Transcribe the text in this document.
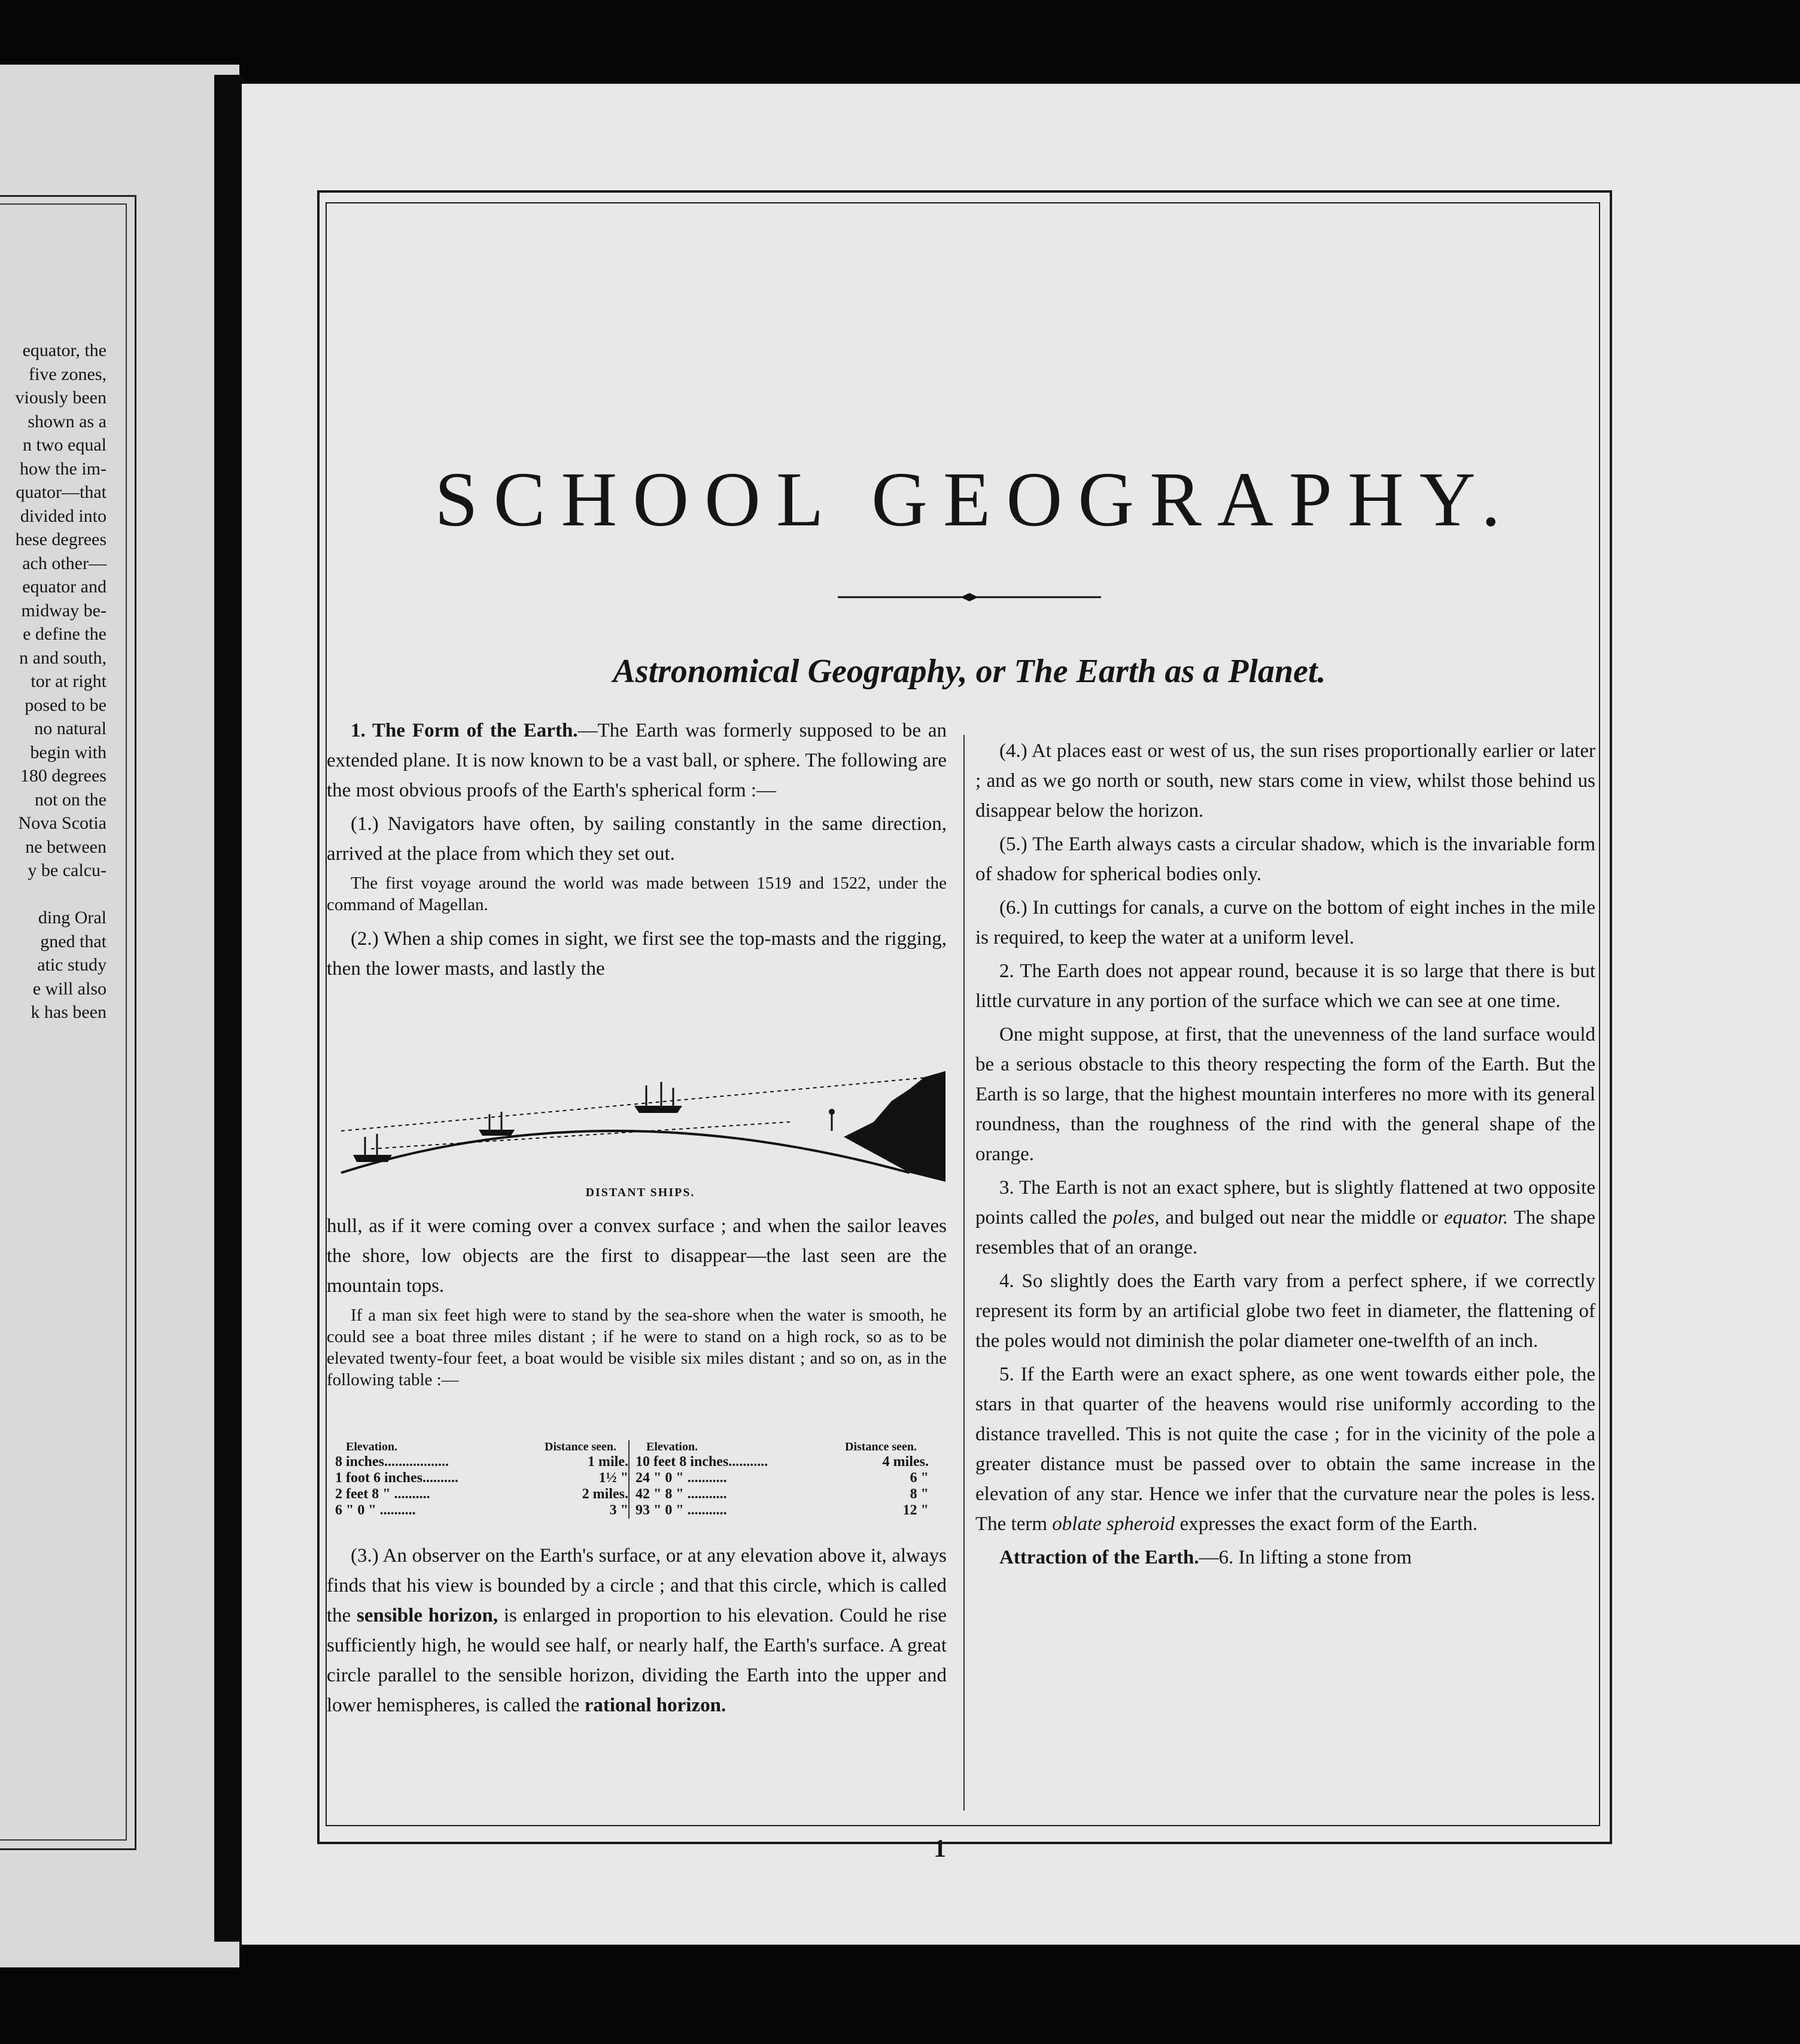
equator, the
five zones,
viously been
shown as a
n two equal
how the im-
quator—that
divided into
hese degrees
ach other—
equator and
midway be-
e define the
n and south,
tor at right
posed to be
no natural
begin with
180 degrees
not on the
Nova Scotia
ne between
y be calcu-

ding Oral
gned that
atic study
e will also
k has been
SCHOOL GEOGRAPHY.
Astronomical Geography, or The Earth as a Planet.

1. The Form of the Earth.—The Earth was formerly supposed to be an extended plane. It is now known to be a vast ball, or sphere. The following are the most obvious proofs of the Earth's spherical form :—

(1.) Navigators have often, by sailing constantly in the same direction, arrived at the place from which they set out.

The first voyage around the world was made between 1519 and 1522, under the command of Magellan.

(2.) When a ship comes in sight, we first see the top-masts and the rigging, then the lower masts, and lastly the

DISTANT SHIPS.

hull, as if it were coming over a convex surface ; and when the sailor leaves the shore, low objects are the first to disappear—the last seen are the mountain tops.

If a man six feet high were to stand by the sea-shore when the water is smooth, he could see a boat three miles distant ; if he were to stand on a high rock, so as to be elevated twenty-four feet, a boat would be visible six miles distant ; and so on, as in the following table :—

Elevation.	Distance seen.
8 inches..................	1 mile.
1 foot 6 inches..........	1½ "
2 feet 8 " ..........	2 miles.
6 " 0 " ..........	3 "
Elevation.	Distance seen.
10 feet 8 inches...........	4 miles.
24 " 0 " ...........	6 "
42 " 8 " ...........	8 "
93 " 0 " ...........	12 "

(3.) An observer on the Earth's surface, or at any elevation above it, always finds that his view is bounded by a circle ; and that this circle, which is called the sensible horizon, is enlarged in proportion to his elevation. Could he rise sufficiently high, he would see half, or nearly half, the Earth's surface. A great circle parallel to the sensible horizon, dividing the Earth into the upper and lower hemispheres, is called the rational horizon.

(4.) At places east or west of us, the sun rises proportionally earlier or later ; and as we go north or south, new stars come in view, whilst those behind us disappear below the horizon.

(5.) The Earth always casts a circular shadow, which is the invariable form of shadow for spherical bodies only.

(6.) In cuttings for canals, a curve on the bottom of eight inches in the mile is required, to keep the water at a uniform level.

2. The Earth does not appear round, because it is so large that there is but little curvature in any portion of the surface which we can see at one time.

One might suppose, at first, that the unevenness of the land surface would be a serious obstacle to this theory respecting the form of the Earth. But the Earth is so large, that the highest mountain interferes no more with its general roundness, than the roughness of the rind with the general shape of the orange.

3. The Earth is not an exact sphere, but is slightly flattened at two opposite points called the poles, and bulged out near the middle or equator. The shape resembles that of an orange.

4. So slightly does the Earth vary from a perfect sphere, if we correctly represent its form by an artificial globe two feet in diameter, the flattening of the poles would not diminish the polar diameter one-twelfth of an inch.

5. If the Earth were an exact sphere, as one went towards either pole, the stars in that quarter of the heavens would rise uniformly according to the distance travelled. This is not quite the case ; for in the vicinity of the pole a greater distance must be passed over to obtain the same increase in the elevation of any star. Hence we infer that the curvature near the poles is less. The term oblate spheroid expresses the exact form of the Earth.

Attraction of the Earth.—6. In lifting a stone from

1
